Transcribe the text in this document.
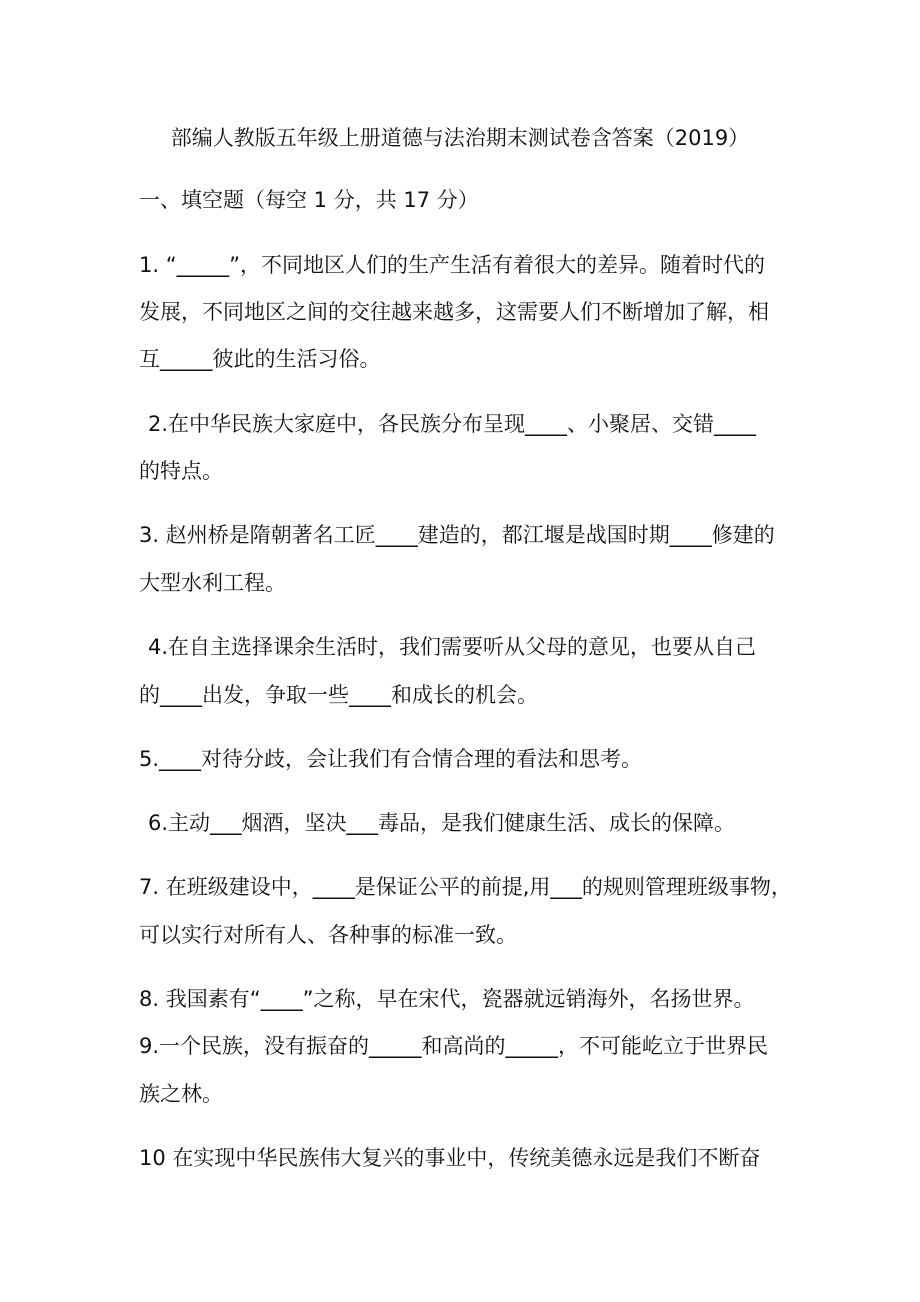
部编人教版五年级上册道德与法治期末测试卷含答案（2019）
一、填空题（每空 1 分，共 17 分）
1. “_____”，不同地区人们的生产生活有着很大的差异。随着时代的
发展，不同地区之间的交往越来越多，这需要人们不断增加了解，相
互_____彼此的生活习俗。
2.在中华民族大家庭中，各民族分布呈现____、小聚居、交错____
的特点。
3. 赵州桥是隋朝著名工匠____建造的，都江堰是战国时期____修建的
大型水利工程。
4.在自主选择课余生活时，我们需要听从父母的意见，也要从自己
的____出发，争取一些____和成长的机会。
5.____对待分歧，会让我们有合情合理的看法和思考。
6.主动___烟酒，坚决___毒品，是我们健康生活、成长的保障。
7. 在班级建设中，____是保证公平的前提,用___的规则管理班级事物，
可以实行对所有人、各种事的标准一致。
8. 我国素有“____”之称，早在宋代，瓷器就远销海外，名扬世界。
9.一个民族，没有振奋的_____和高尚的_____，不可能屹立于世界民
族之林。
10 在实现中华民族伟大复兴的事业中，传统美德永远是我们不断奋
